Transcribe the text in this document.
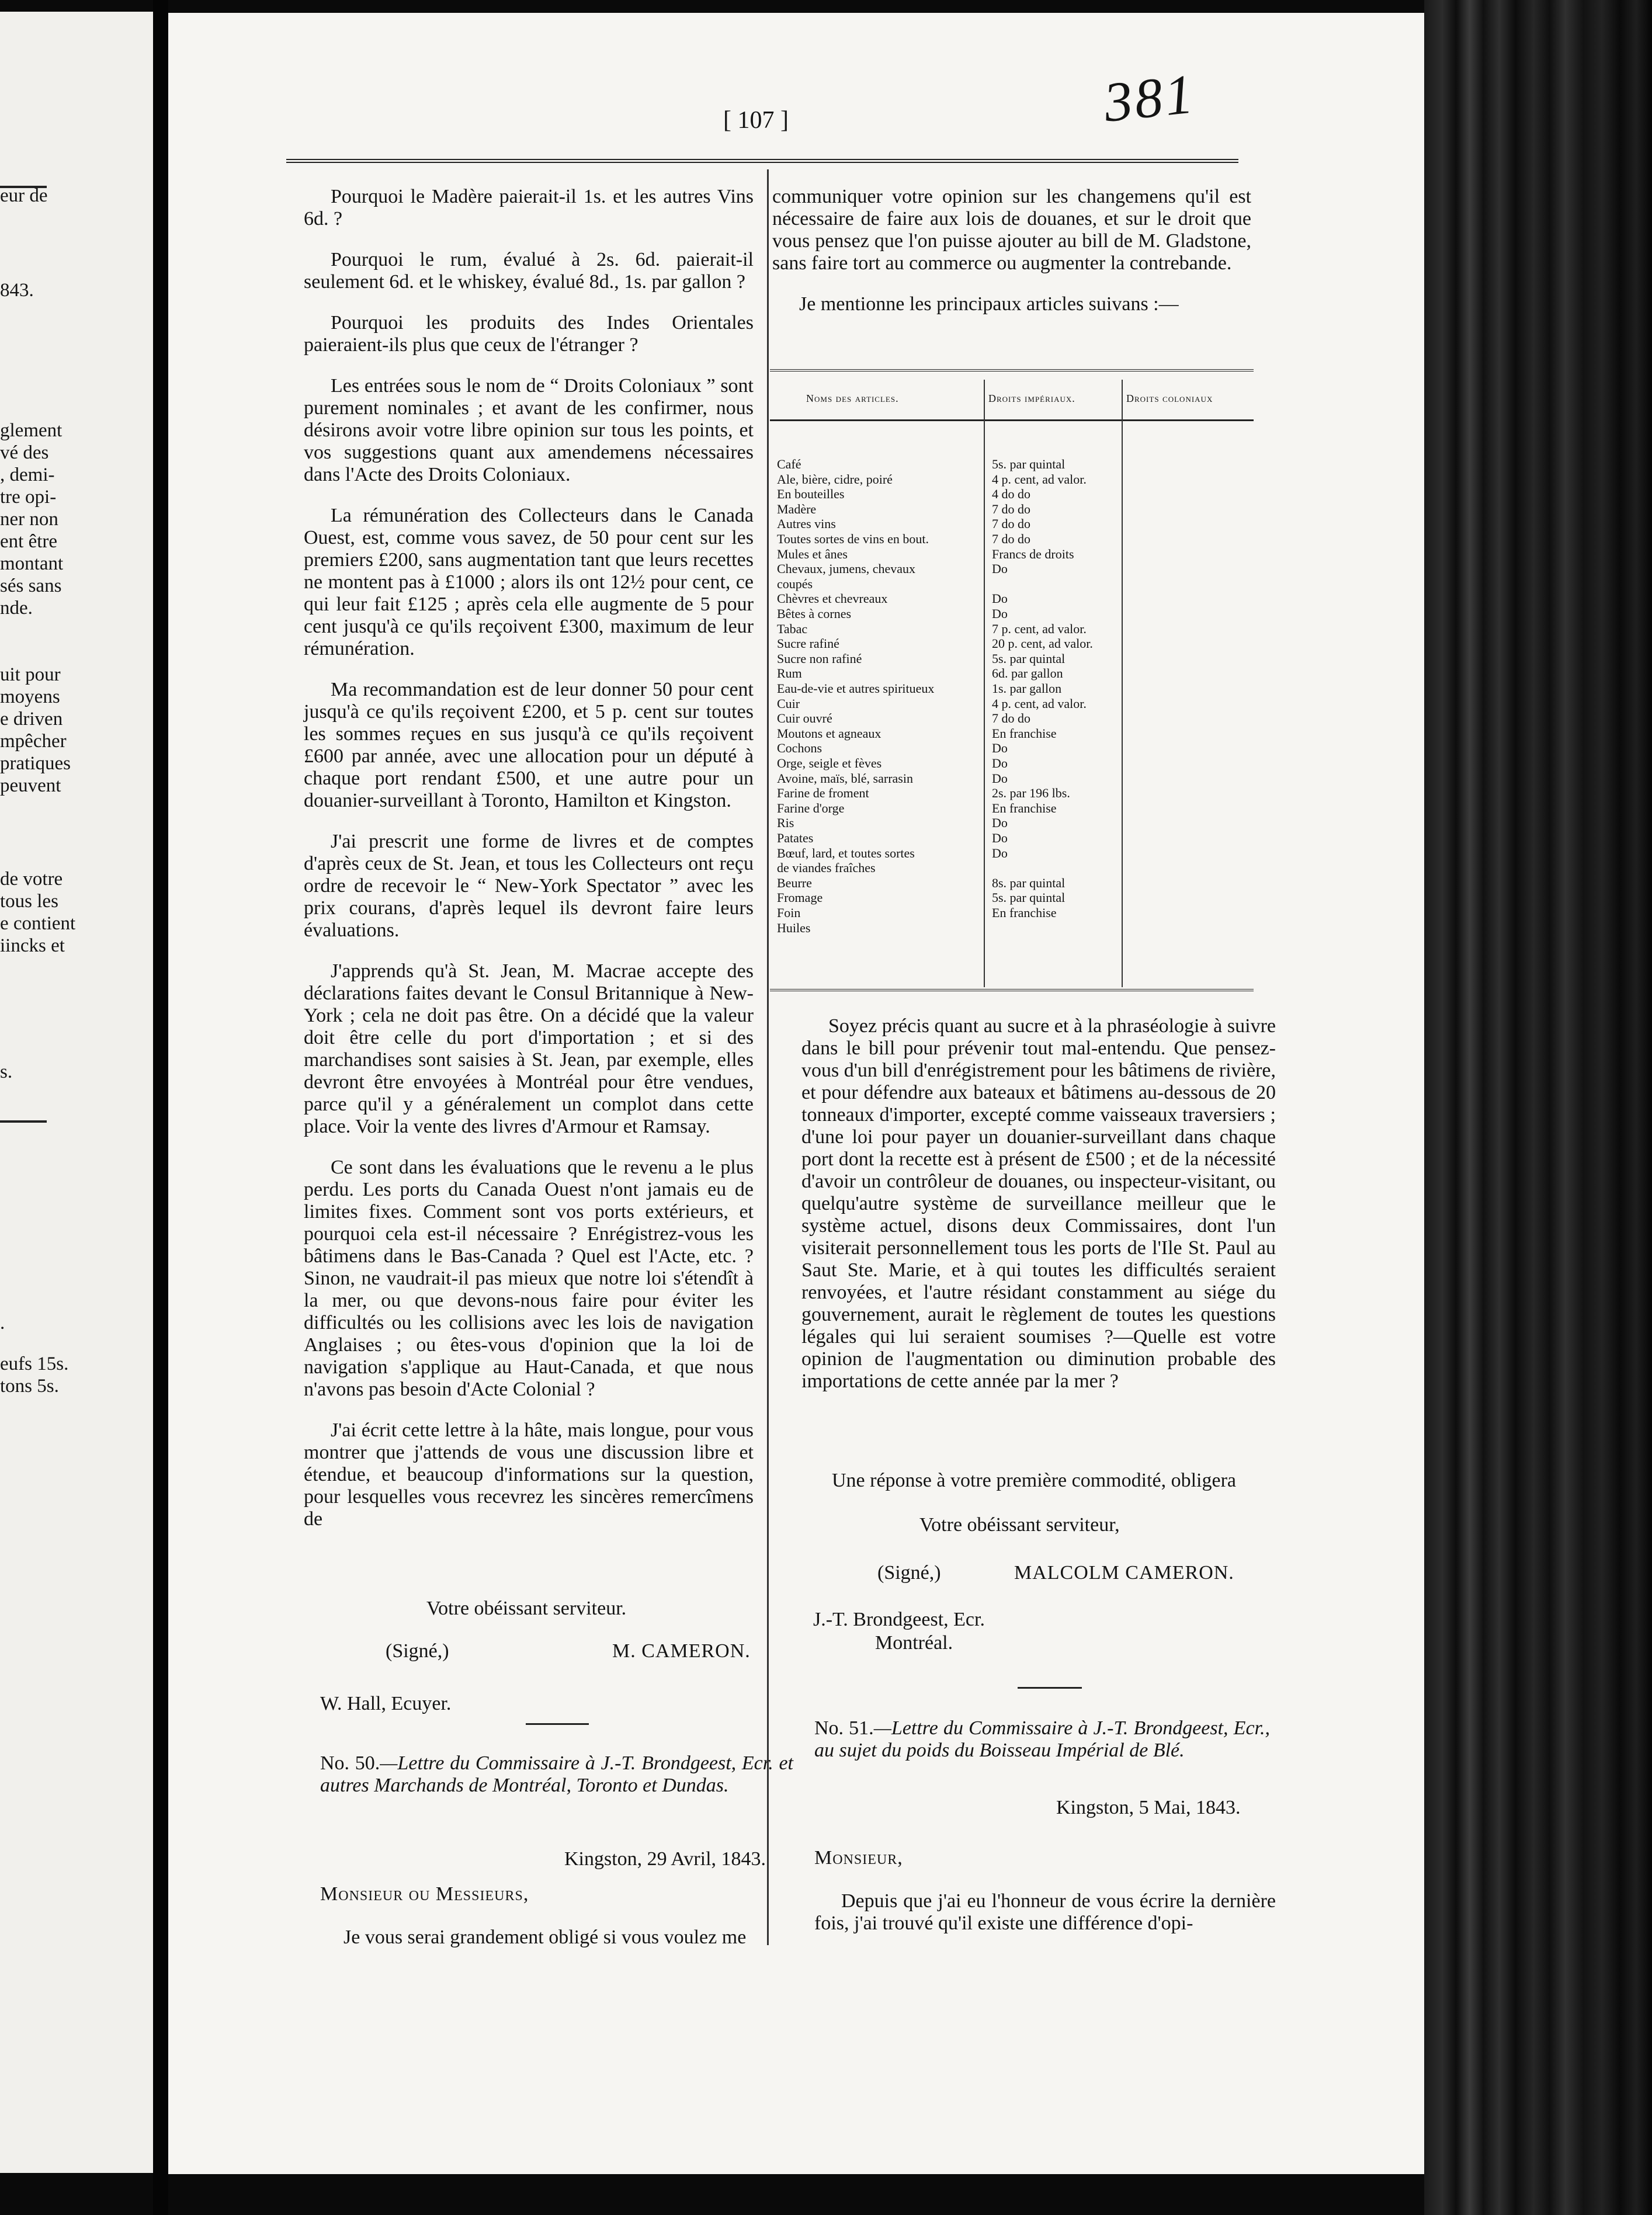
eur de
843.
glement
vé des
, demi-
tre opi-
ner non
ent être
montant
sés sans
nde.
uit pour
moyens
e driven
mpêcher
pratiques
peuvent
de votre
tous les
e contient
iincks et
s.
.
eufs 15s.
tons 5s.
[ 107 ]	381

Pourquoi le Madère paierait-il 1s. et les autres Vins 6d. ?

Pourquoi le rum, évalué à 2s. 6d. paierait-il seulement 6d. et le whiskey, évalué 8d., 1s. par gallon ?

Pourquoi les produits des Indes Orientales paieraient-ils plus que ceux de l'étranger ?

Les entrées sous le nom de “ Droits Coloniaux ” sont purement nominales ; et avant de les confirmer, nous désirons avoir votre libre opinion sur tous les points, et vos suggestions quant aux amendemens nécessaires dans l'Acte des Droits Coloniaux.

La rémunération des Collecteurs dans le Canada Ouest, est, comme vous savez, de 50 pour cent sur les premiers £200, sans augmentation tant que leurs recettes ne montent pas à £1000 ; alors ils ont 12½ pour cent, ce qui leur fait £125 ; après cela elle augmente de 5 pour cent jusqu'à ce qu'ils reçoivent £300, maximum de leur rémunération.

Ma recommandation est de leur donner 50 pour cent jusqu'à ce qu'ils reçoivent £200, et 5 p. cent sur toutes les sommes reçues en sus jusqu'à ce qu'ils reçoivent £600 par année, avec une allocation pour un député à chaque port rendant £500, et une autre pour un douanier-surveillant à Toronto, Hamilton et Kingston.

J'ai prescrit une forme de livres et de comptes d'après ceux de St. Jean, et tous les Collecteurs ont reçu ordre de recevoir le “ New-York Spectator ” avec les prix courans, d'après lequel ils devront faire leurs évaluations.

J'apprends qu'à St. Jean, M. Macrae accepte des déclarations faites devant le Consul Britannique à New-York ; cela ne doit pas être. On a décidé que la valeur doit être celle du port d'importation ; et si des marchandises sont saisies à St. Jean, par exemple, elles devront être envoyées à Montréal pour être vendues, parce qu'il y a généralement un complot dans cette place. Voir la vente des livres d'Armour et Ramsay.

Ce sont dans les évaluations que le revenu a le plus perdu. Les ports du Canada Ouest n'ont jamais eu de limites fixes. Comment sont vos ports extérieurs, et pourquoi cela est-il nécessaire ? Enrégistrez-vous les bâtimens dans le Bas-Canada ? Quel est l'Acte, etc. ? Sinon, ne vaudrait-il pas mieux que notre loi s'étendît à la mer, ou que devons-nous faire pour éviter les difficultés ou les collisions avec les lois de navigation Anglaises ; ou êtes-vous d'opinion que la loi de navigation s'applique au Haut-Canada, et que nous n'avons pas besoin d'Acte Colonial ?

J'ai écrit cette lettre à la hâte, mais longue, pour vous montrer que j'attends de vous une discussion libre et étendue, et beaucoup d'informations sur la question, pour lesquelles vous recevrez les sincères remercîmens de

Votre obéissant serviteur.
(Signé,)	M. CAMERON.
W. Hall, Ecuyer.

No. 50.—Lettre du Commissaire à J.-T. Brondgeest, Ecr. et autres Marchands de Montréal, Toronto et Dundas.

Kingston, 29 Avril, 1843.
Monsieur ou Messieurs,
Je vous serai grandement obligé si vous voulez me

communiquer votre opinion sur les changemens qu'il est nécessaire de faire aux lois de douanes, et sur le droit que vous pensez que l'on puisse ajouter au bill de M. Gladstone, sans faire tort au commerce ou augmenter la contrebande.

Je mentionne les principaux articles suivans :—

Noms des articles.	Droits impériaux.	Droits coloniaux
Café	5s. par quintal
Ale, bière, cidre, poiré	4 p. cent, ad valor.
En bouteilles	4 do do
Madère	7 do do
Autres vins	7 do do
Toutes sortes de vins en bout.	7 do do
Mules et ânes	Francs de droits
Chevaux, jumens, chevaux	Do
coupés
Chèvres et chevreaux	Do
Bêtes à cornes	Do
Tabac	7 p. cent, ad valor.
Sucre rafiné	20 p. cent, ad valor.
Sucre non rafiné	5s. par quintal
Rum	6d. par gallon
Eau-de-vie et autres spiritueux	1s. par gallon
Cuir	4 p. cent, ad valor.
Cuir ouvré	7 do do
Moutons et agneaux	En franchise
Cochons	Do
Orge, seigle et fèves	Do
Avoine, maïs, blé, sarrasin	Do
Farine de froment	2s. par 196 lbs.
Farine d'orge	En franchise
Ris	Do
Patates	Do
Bœuf, lard, et toutes sortes	Do
de viandes fraîches
Beurre	8s. par quintal
Fromage	5s. par quintal
Foin	En franchise
Huiles

Soyez précis quant au sucre et à la phraséologie à suivre dans le bill pour prévenir tout mal-entendu. Que pensez-vous d'un bill d'enrégistrement pour les bâtimens de rivière, et pour défendre aux bateaux et bâtimens au-dessous de 20 tonneaux d'importer, excepté comme vaisseaux traversiers ; d'une loi pour payer un douanier-surveillant dans chaque port dont la recette est à présent de £500 ; et de la nécessité d'avoir un contrôleur de douanes, ou inspecteur-visitant, ou quelqu'autre système de surveillance meilleur que le système actuel, disons deux Commissaires, dont l'un visiterait personnellement tous les ports de l'Ile St. Paul au Saut Ste. Marie, et à qui toutes les difficultés seraient renvoyées, et l'autre résidant constamment au siége du gouvernement, aurait le règlement de toutes les questions légales qui lui seraient soumises ?—Quelle est votre opinion de l'augmentation ou diminution probable des importations de cette année par la mer ?

Une réponse à votre première commodité, obligera
Votre obéissant serviteur,
(Signé,)	MALCOLM CAMERON.
J.-T. Brondgeest, Ecr.
Montréal.

No. 51.—Lettre du Commissaire à J.-T. Brondgeest, Ecr., au sujet du poids du Boisseau Impérial de Blé.

Kingston, 5 Mai, 1843.
Monsieur,

Depuis que j'ai eu l'honneur de vous écrire la dernière fois, j'ai trouvé qu'il existe une différence d'opi-
